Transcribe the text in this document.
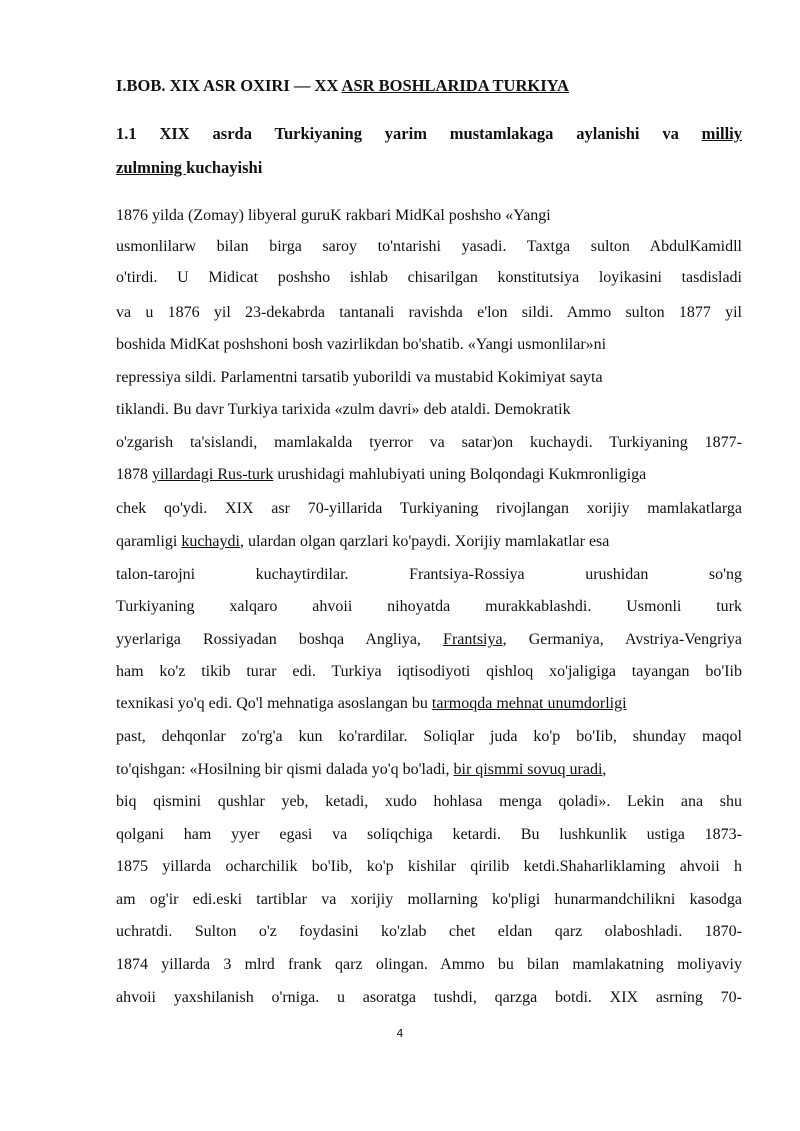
I.BOB. XIX ASR OXIRI — XX ASR BOSHLARIDA TURKIYA
1.1 XIX asrda Turkiyaning yarim mustamlakaga aylanishi va milliy
zulmning kuchayishi
1876 yilda (Zomay) libyeral guruK rakbari MidKal poshsho «Yangi
usmonlilarw bilan birga saroy to'ntarishi yasadi. Taxtga sulton AbdulKamidll
o'tirdi. U Midicat poshsho ishlab chisarilgan konstitutsiya loyikasini tasdisladi
va u 1876 yil 23-dekabrda tantanali ravishda e'lon sildi. Ammo sulton 1877 yil
boshida MidKat poshshoni bosh vazirlikdan bo'shatib. «Yangi usmonlilar»ni
repressiya sildi. Parlamentni tarsatib yuborildi va mustabid Kokimiyat sayta
tiklandi. Bu davr Turkiya tarixida «zulm davri» deb ataldi. Demokratik
o'zgarish ta'sislandi, mamlakalda tyerror va satar)on kuchaydi. Turkiyaning 1877-
1878 yillardagi Rus-turk urushidagi mahlubiyati uning Bolqondagi Kukmronligiga
chek qo'ydi. XIX asr 70-yillarida Turkiyaning rivojlangan xorijiy mamlakatlarga
qaramligi kuchaydi, ulardan olgan qarzlari ko'paydi. Xorijiy mamlakatlar esa
talon-tarojni kuchaytirdilar. Frantsiya-Rossiya urushidan so'ng
Turkiyaning xalqaro ahvoii nihoyatda murakkablashdi. Usmonli turk
yyerlariga Rossiyadan boshqa Angliya, Frantsiya, Germaniya, Avstriya-Vengriya
ham ko'z tikib turar edi. Turkiya iqtisodiyoti qishloq xo'jaligiga tayangan bo'Iib
texnikasi yo'q edi. Qo'l mehnatiga asoslangan bu tarmoqda mehnat unumdorligi
past, dehqonlar zo'rg'a kun ko'rardilar. Soliqlar juda ko'p bo'Iib, shunday maqol
to'qishgan: «Hosilning bir qismi dalada yo'q bo'ladi, bir qismmi sovuq uradi,
biq qismini qushlar yeb, ketadi, xudo hohlasa menga qoladi». Lekin ana shu
qolgani ham yyer egasi va soliqchiga ketardi. Bu lushkunlik ustiga 1873-
1875 yillarda ocharchilik bo'Iib, ko'p kishilar qirilib ketdi.Shaharliklaming ahvoii h
am og'ir edi.eski tartiblar va xorijiy mollarning ko'pligi hunarmandchilikni kasodga
uchratdi. Sulton o'z foydasini ko'zlab chet eldan qarz olaboshladi. 1870-
1874 yillarda 3 mlrd frank qarz olingan. Ammo bu bilan mamlakatning moliyaviy
ahvoii yaxshilanish o'rniga. u asoratga tushdi, qarzga botdi. XIX asrning 70-
4
